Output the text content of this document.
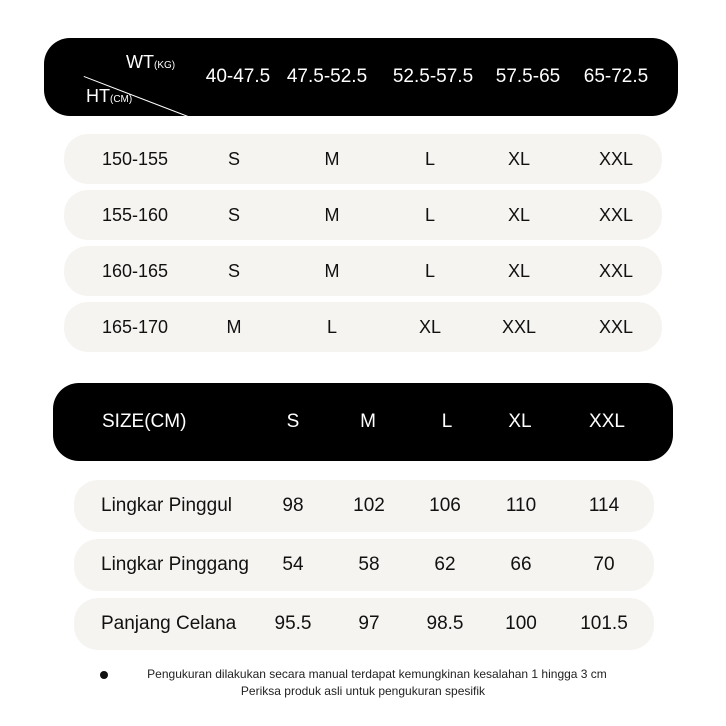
WT(KG)
HT(CM)
40-47.5 47.5-52.5	52.5-57.5	57.5-65	65-72.5
150-155	S	M	L	XL	XXL
155-160	S	M	L	XL	XXL
160-165	S	M	L	XL	XXL
165-170	M	L	XL	XXL	XXL
SIZE(CM)	S	M	L	XL	XXL
Lingkar Pinggul	98	102	106	110	114
Lingkar Pinggang	54	58	62	66	70
Panjang Celana	95.5	97	98.5	100	101.5
Pengukuran dilakukan secara manual terdapat kemungkinan kesalahan 1 hingga 3 cm
Periksa produk asli untuk pengukuran spesifik
